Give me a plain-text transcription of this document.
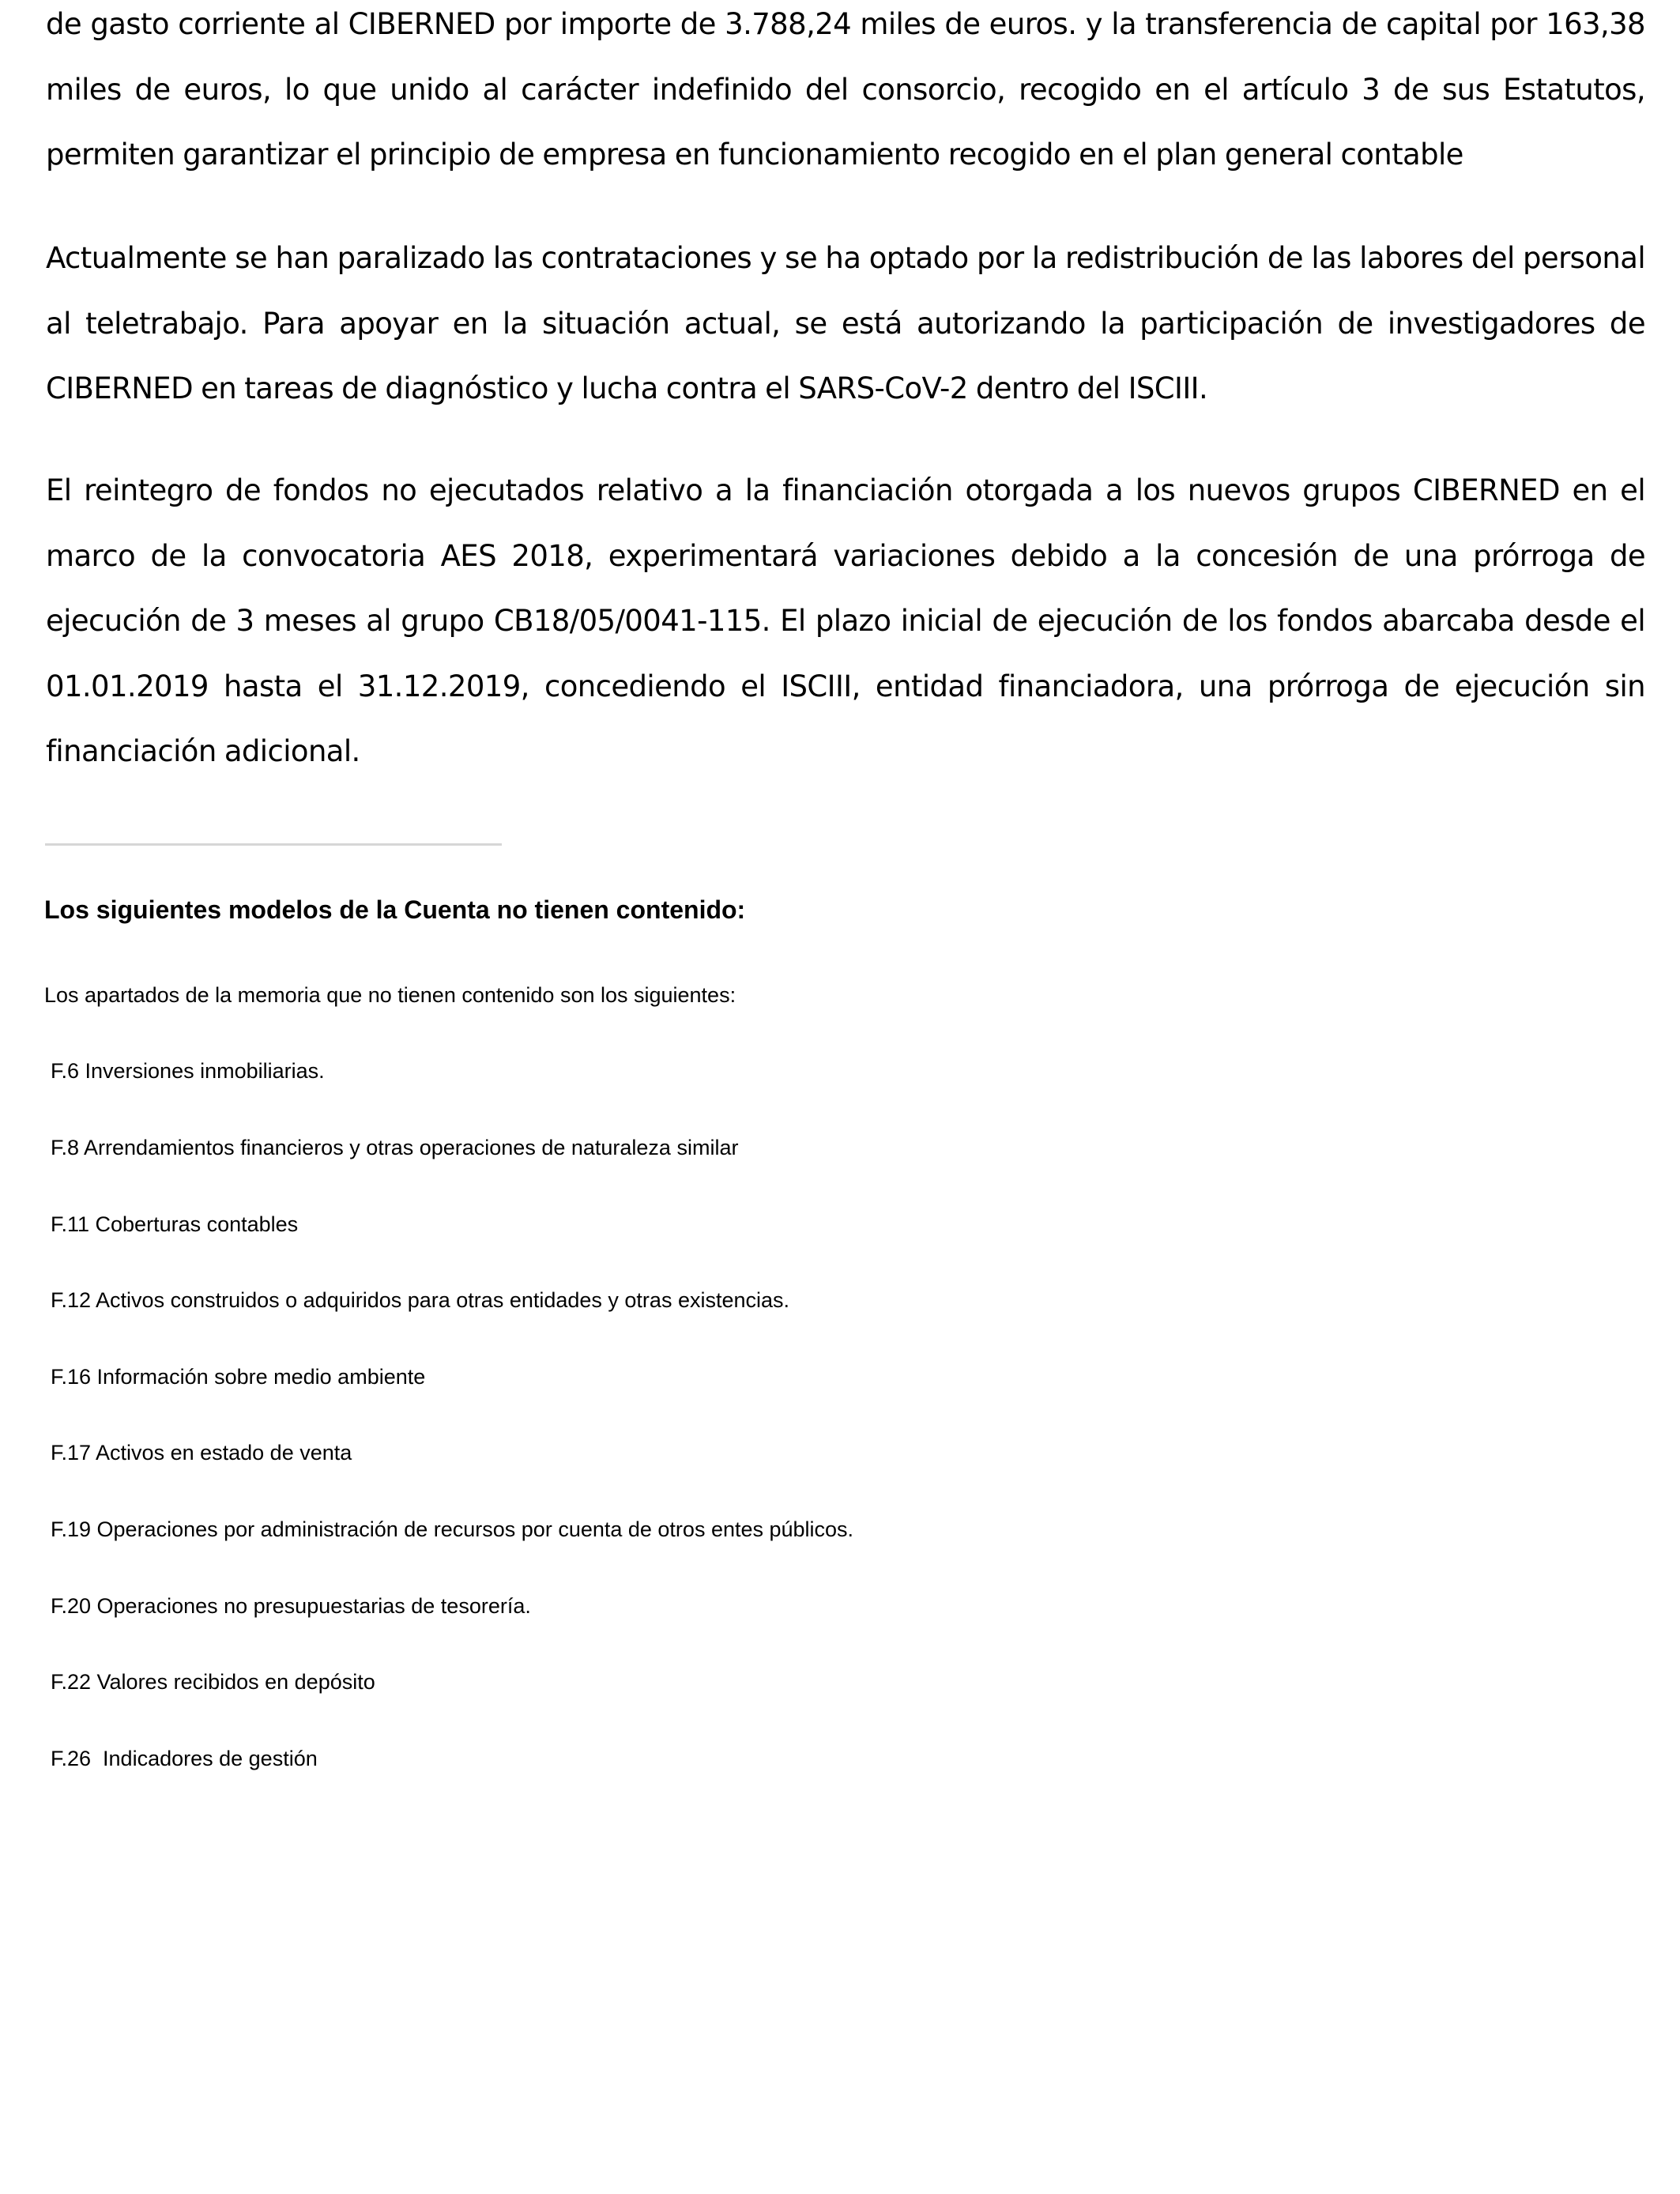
de gasto corriente al CIBERNED por importe de 3.788,24 miles de euros. y la transferencia de capital por 163,38 miles de euros, lo que unido al carácter indefinido del consorcio, recogido en el artículo 3 de sus Estatutos, permiten garantizar el principio de empresa en funcionamiento recogido en el plan general contable

Actualmente se han paralizado las contrataciones y se ha optado por la redistribución de las labores del personal al teletrabajo. Para apoyar en la situación actual, se está autorizando la participación de investigadores de CIBERNED en tareas de diagnóstico y lucha contra el SARS-CoV-2 dentro del ISCIII.

El reintegro de fondos no ejecutados relativo a la financiación otorgada a los nuevos grupos CIBERNED en el marco de la convocatoria AES 2018, experimentará variaciones debido a la concesión de una prórroga de ejecución de 3 meses al grupo CB18/05/0041-115. El plazo inicial de ejecución de los fondos abarcaba desde el 01.01.2019 hasta el 31.12.2019, concediendo el ISCIII, entidad financiadora, una prórroga de ejecución sin financiación adicional.

Los siguientes modelos de la Cuenta no tienen contenido:

Los apartados de la memoria que no tienen contenido son los siguientes:

F.6 Inversiones inmobiliarias.

F.8 Arrendamientos financieros y otras operaciones de naturaleza similar

F.11 Coberturas contables

F.12 Activos construidos o adquiridos para otras entidades y otras existencias.

F.16 Información sobre medio ambiente

F.17 Activos en estado de venta

F.19 Operaciones por administración de recursos por cuenta de otros entes públicos.

F.20 Operaciones no presupuestarias de tesorería.

F.22 Valores recibidos en depósito

F.26  Indicadores de gestión
